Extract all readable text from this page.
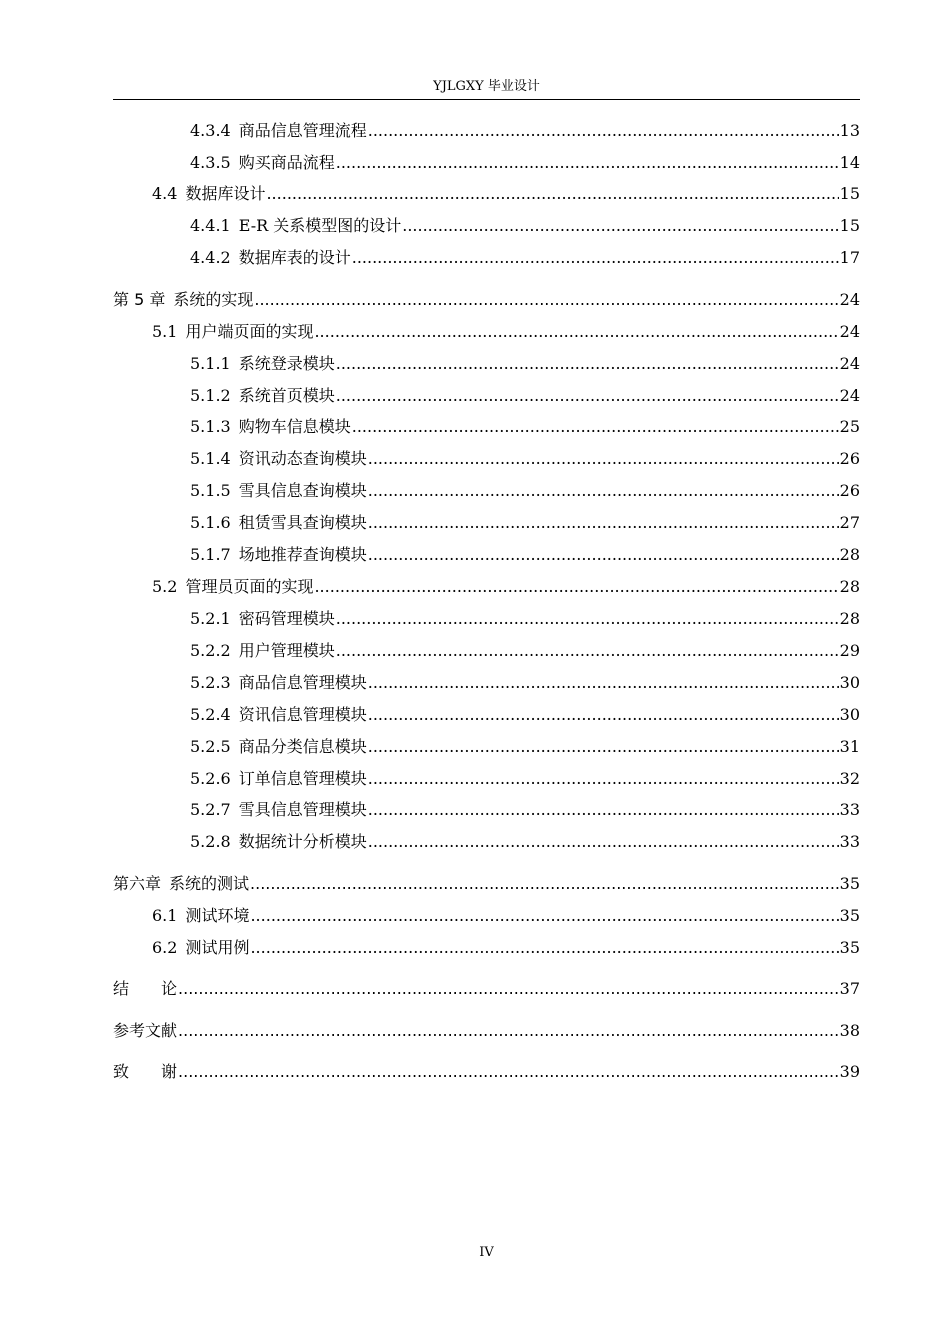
YJLGXY 毕业设计
4.3.4 商品信息管理流程 .....	13
4.3.5 购买商品流程 .....	14
4.4 数据库设计 .....	15
4.4.1 E-R 关系模型图的设计 .....	15
4.4.2 数据库表的设计 .....	17
第 5 章 系统的实现 .....	24
5.1 用户端页面的实现 .....	24
5.1.1 系统登录模块 .....	24
5.1.2 系统首页模块 .....	24
5.1.3 购物车信息模块 .....	25
5.1.4 资讯动态查询模块 .....	26
5.1.5 雪具信息查询模块 .....	26
5.1.6 租赁雪具查询模块 .....	27
5.1.7 场地推荐查询模块 .....	28
5.2 管理员页面的实现 .....	28
5.2.1 密码管理模块 .....	28
5.2.2 用户管理模块 .....	29
5.2.3 商品信息管理模块 .....	30
5.2.4 资讯信息管理模块 .....	30
5.2.5 商品分类信息模块 .....	31
5.2.6 订单信息管理模块 .....	32
5.2.7 雪具信息管理模块 .....	33
5.2.8 数据统计分析模块 .....	33
第六章 系统的测试 .....	35
6.1 测试环境 .....	35
6.2 测试用例 .....	35
结　　论 .....	37
参考文献 .....	38
致　　谢 .....	39
IV
